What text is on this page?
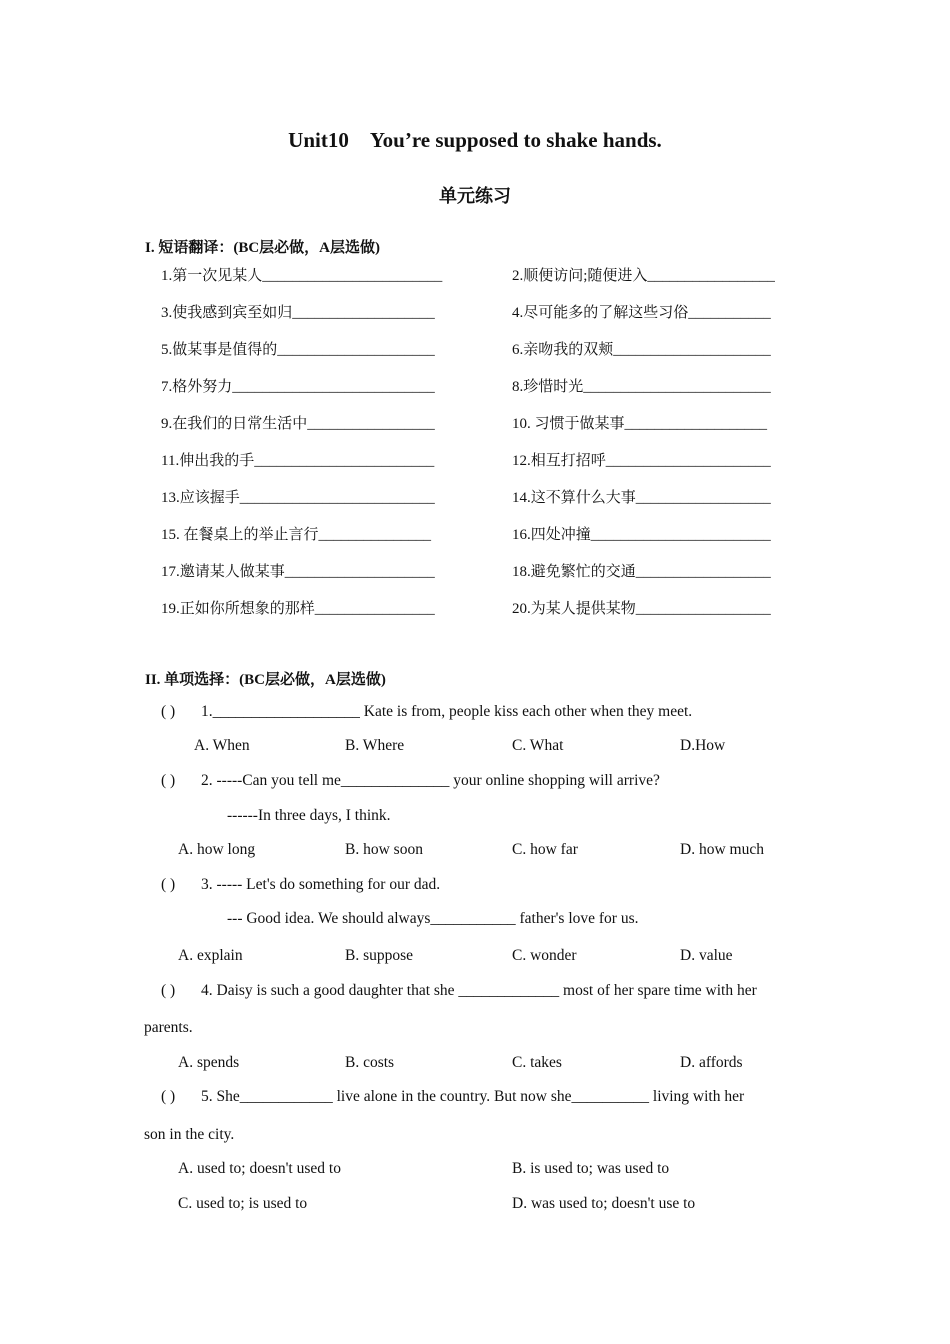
Unit10    You’re supposed to shake hands.
单元练习
I. 短语翻译：(BC层必做，A层选做)
1.第一次见某人________________________	2.顺便访问;随便进入_________________
3.使我感到宾至如归___________________	4.尽可能多的了解这些习俗___________
5.做某事是值得的_____________________	6.亲吻我的双颊_____________________
7.格外努力___________________________	8.珍惜时光_________________________
9.在我们的日常生活中_________________	10. 习惯于做某事___________________
11.伸出我的手________________________	12.相互打招呼______________________
13.应该握手__________________________	14.这不算什么大事__________________
15. 在餐桌上的举止言行_______________	16.四处冲撞________________________
17.邀请某人做某事____________________	18.避免繁忙的交通__________________
19.正如你所想象的那样________________	20.为某人提供某物__________________
II. 单项选择：(BC层必做，A层选做)
( ) 1.___________________ Kate is from, people kiss each other when they meet.
A. When	B. Where	C. What	D.How
( ) 2. -----Can you tell me______________ your online shopping will arrive?
------In three days, I think.
A. how long	B. how soon	C. how far	D. how much
( ) 3. ----- Let's do something for our dad.
--- Good idea. We should always___________ father's love for us.
A. explain	B. suppose	C. wonder	D. value
( ) 4. Daisy is such a good daughter that she _____________ most of her spare time with her
parents.
A. spends	B. costs	C. takes	D. affords
( ) 5. She____________ live alone in the country. But now she__________ living with her
son in the city.
A. used to; doesn't used to	B. is used to; was used to
C. used to; is used to	D. was used to; doesn't use to
